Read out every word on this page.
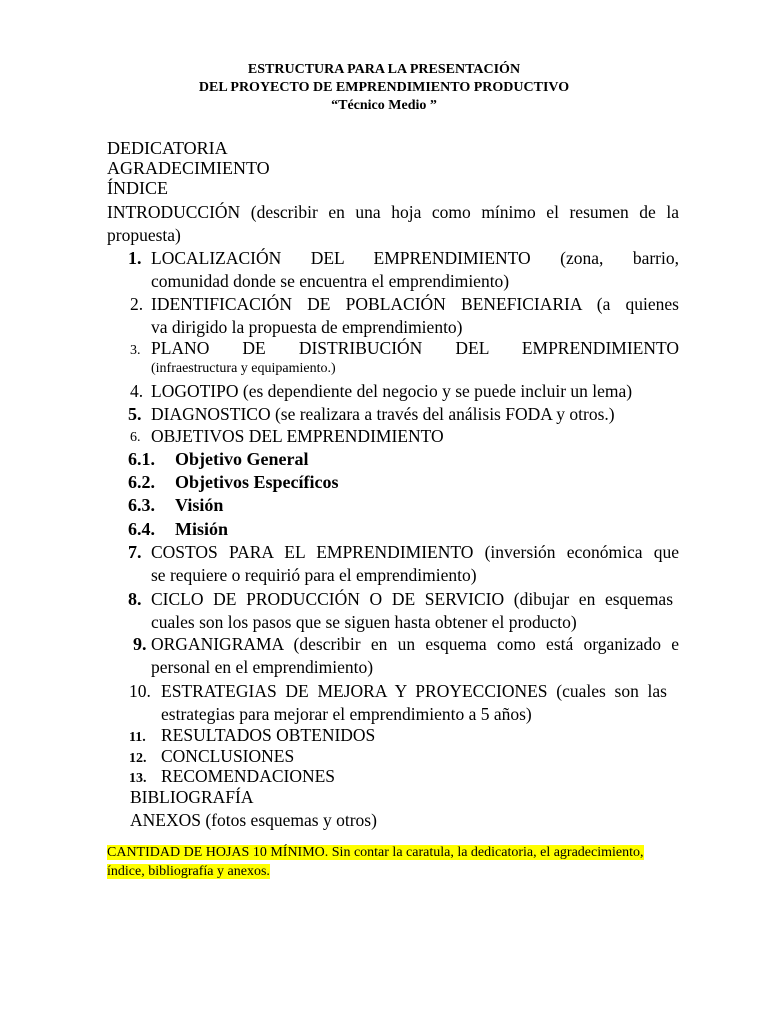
ESTRUCTURA PARA LA PRESENTACIÓN
DEL PROYECTO DE EMPRENDIMIENTO PRODUCTIVO
“Técnico Medio ”
DEDICATORIA
AGRADECIMIENTO
ÍNDICE
INTRODUCCIÓN (describir en una hoja como mínimo el resumen de la
propuesta)
1. LOCALIZACIÓN DEL EMPRENDIMIENTO (zona, barrio,
comunidad donde se encuentra el emprendimiento)
2. IDENTIFICACIÓN DE POBLACIÓN BENEFICIARIA (a quienes
va dirigido la propuesta de emprendimiento)
3. PLANO DE DISTRIBUCIÓN DEL EMPRENDIMIENTO
(infraestructura y equipamiento.)
4. LOGOTIPO (es dependiente del negocio y se puede incluir un lema)
5. DIAGNOSTICO (se realizara a través del análisis FODA y otros.)
6. OBJETIVOS DEL EMPRENDIMIENTO
6.1. Objetivo General
6.2. Objetivos Específicos
6.3. Visión
6.4. Misión
7. COSTOS PARA EL EMPRENDIMIENTO (inversión económica que
se requiere o requirió para el emprendimiento)
8. CICLO DE PRODUCCIÓN O DE SERVICIO (dibujar en esquemas
cuales son los pasos que se siguen hasta obtener el producto)
9. ORGANIGRAMA (describir en un esquema como está organizado e
personal en el emprendimiento)
10. ESTRATEGIAS DE MEJORA Y PROYECCIONES (cuales son las
estrategias para mejorar el emprendimiento a 5 años)
11. RESULTADOS OBTENIDOS
12. CONCLUSIONES
13. RECOMENDACIONES
BIBLIOGRAFÍA
ANEXOS (fotos esquemas y otros)
CANTIDAD DE HOJAS 10 MÍNIMO. Sin contar la caratula, la dedicatoria, el agradecimiento,
índice, bibliografía y anexos.
